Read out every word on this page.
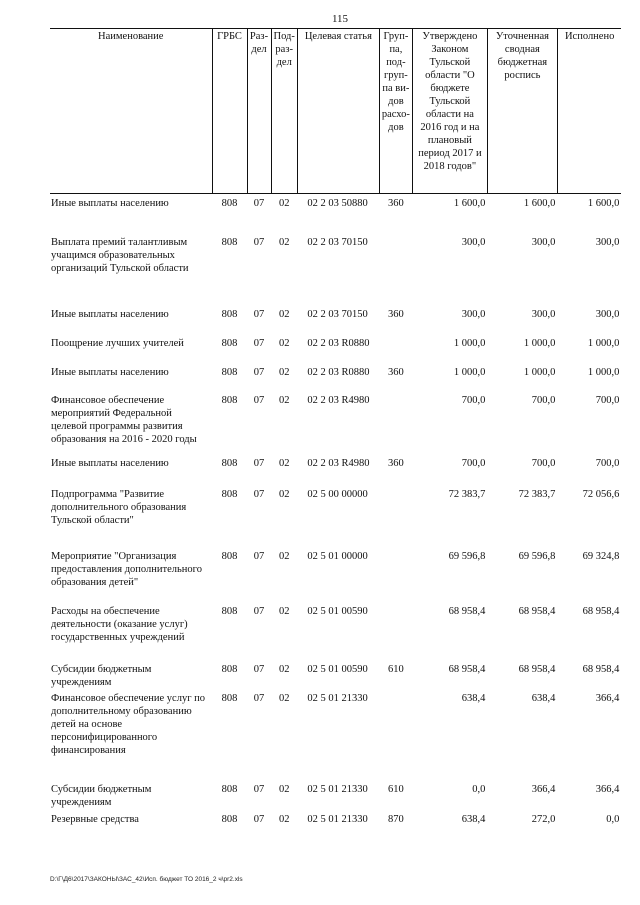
115
Наименование	ГРБС	Раз-дел	Под-раз-дел	Целевая статья	Груп-па, под-груп-па ви-дов расхо-дов	Утверждено Законом Тульской области "О бюджете Тульской области на 2016 год и на плановый период 2017 и 2018 годов"	Уточненная сводная бюджетная роспись	Исполнено
Иные выплаты населению	808	07	02	02 2 03 50880	360	1 600,0	1 600,0	1 600,0
Выплата премий талантливым учащимся образовательных организаций Тульской области	808	07	02	02 2 03 70150		300,0	300,0	300,0
Иные выплаты населению	808	07	02	02 2 03 70150	360	300,0	300,0	300,0
Поощрение лучших учителей	808	07	02	02 2 03 R0880		1 000,0	1 000,0	1 000,0
Иные выплаты населению	808	07	02	02 2 03 R0880	360	1 000,0	1 000,0	1 000,0
Финансовое обеспечение мероприятий Федеральной целевой программы развития образования на 2016 - 2020 годы	808	07	02	02 2 03 R4980		700,0	700,0	700,0
Иные выплаты населению	808	07	02	02 2 03 R4980	360	700,0	700,0	700,0
Подпрограмма "Развитие дополнительного образования Тульской области"	808	07	02	02 5 00 00000		72 383,7	72 383,7	72 056,6
Мероприятие "Организация предоставления дополнительного образования детей"	808	07	02	02 5 01 00000		69 596,8	69 596,8	69 324,8
Расходы на обеспечение деятельности (оказание услуг) государственных учреждений	808	07	02	02 5 01 00590		68 958,4	68 958,4	68 958,4
Субсидии бюджетным учреждениям	808	07	02	02 5 01 00590	610	68 958,4	68 958,4	68 958,4
Финансовое обеспечение услуг по дополнительному образованию детей на основе персонифицированного финансирования	808	07	02	02 5 01 21330		638,4	638,4	366,4
Субсидии бюджетным учреждениям	808	07	02	02 5 01 21330	610	0,0	366,4	366,4
Резервные средства	808	07	02	02 5 01 21330	870	638,4	272,0	0,0
D:\Г\Д6\2017\ЗАКОНЫ\ЗАС_42\Исп. бюджет ТО 2016_2 ч\рr2.xls
